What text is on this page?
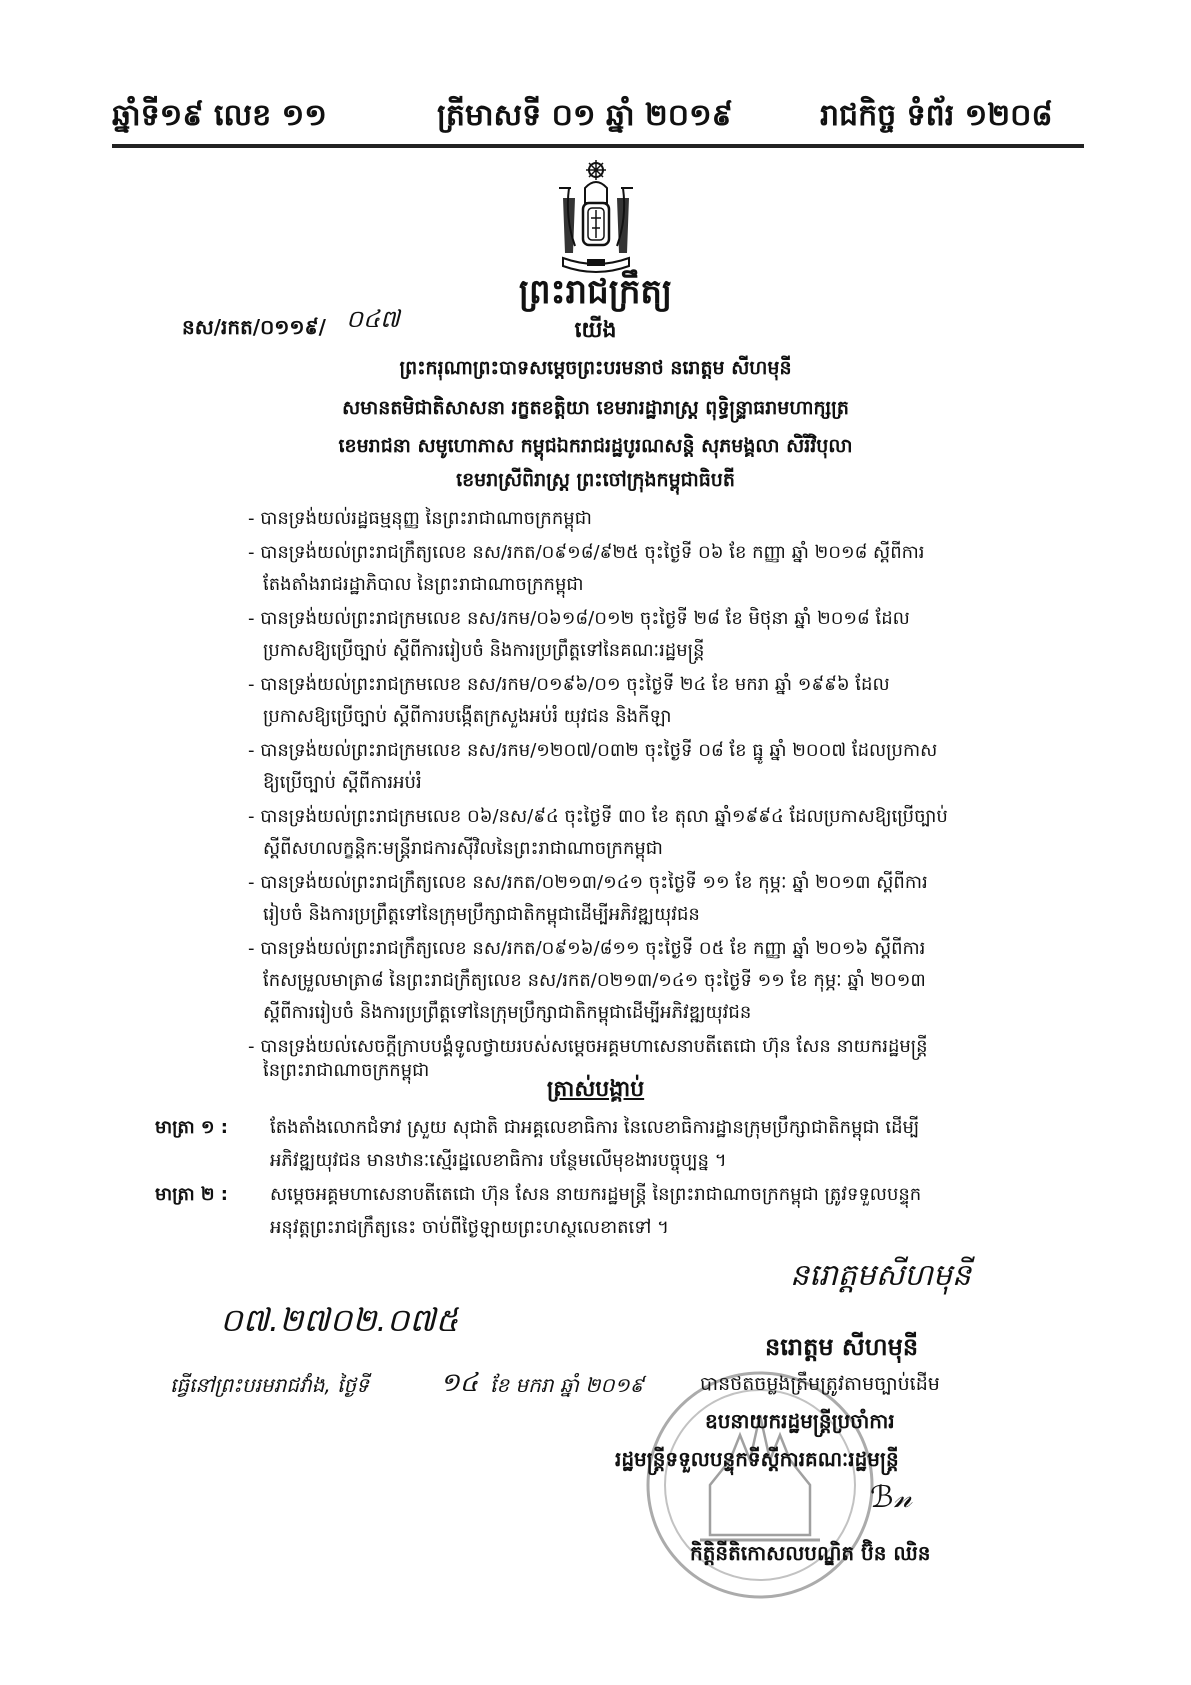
ឆ្នាំទី១៩ លេខ ១១	ត្រីមាសទី ០១ ឆ្នាំ ២០១៩	រាជកិច្ច ទំព័រ ១២០៨
ព្រះរាជក្រឹត្យ
នស/រកត/០១១៩/ ០៤៧	យើង
ព្រះករុណាព្រះបាទសម្តេចព្រះបរមនាថ នរោត្តម សីហមុនី
សមានតមិជាតិសាសនា រក្ខតខត្តិយា ខេមរារដ្ឋារាស្ត្រ ពុទ្ធិន្ទ្រាធរាមហាក្សត្រ
ខេមរាជនា សមូហោភាស កម្ពុជឯករាជរដ្ឋបូរណសន្តិ សុភមង្គលា សិរីវិបុលា
ខេមរាស្រីពិរាស្ត្រ ព្រះចៅក្រុងកម្ពុជាធិបតី
- បានទ្រង់យល់រដ្ឋធម្មនុញ្ញ នៃព្រះរាជាណាចក្រកម្ពុជា
- បានទ្រង់យល់ព្រះរាជក្រឹត្យលេខ នស/រកត/០៩១៨/៩២៥ ចុះថ្ងៃទី ០៦ ខែ កញ្ញា ឆ្នាំ ២០១៨ ស្តីពីការ
តែងតាំងរាជរដ្ឋាភិបាល នៃព្រះរាជាណាចក្រកម្ពុជា
- បានទ្រង់យល់ព្រះរាជក្រមលេខ នស/រកម/០៦១៨/០១២ ចុះថ្ងៃទី ២៨ ខែ មិថុនា ឆ្នាំ ២០១៨ ដែល
ប្រកាសឱ្យប្រើច្បាប់ ស្តីពីការរៀបចំ និងការប្រព្រឹត្តទៅនៃគណៈរដ្ឋមន្ត្រី
- បានទ្រង់យល់ព្រះរាជក្រមលេខ នស/រកម/០១៩៦/០១ ចុះថ្ងៃទី ២៤ ខែ មករា ឆ្នាំ ១៩៩៦ ដែល
ប្រកាសឱ្យប្រើច្បាប់ ស្តីពីការបង្កើតក្រសួងអប់រំ យុវជន និងកីឡា
- បានទ្រង់យល់ព្រះរាជក្រមលេខ នស/រកម/១២០៧/០៣២ ចុះថ្ងៃទី ០៨ ខែ ធ្នូ ឆ្នាំ ២០០៧ ដែលប្រកាស
ឱ្យប្រើច្បាប់ ស្តីពីការអប់រំ
- បានទ្រង់យល់ព្រះរាជក្រមលេខ ០៦/នស/៩៤ ចុះថ្ងៃទី ៣០ ខែ តុលា ឆ្នាំ១៩៩៤ ដែលប្រកាសឱ្យប្រើច្បាប់
ស្តីពីសហលក្ខន្តិកៈមន្ត្រីរាជការស៊ីវិលនៃព្រះរាជាណាចក្រកម្ពុជា
- បានទ្រង់យល់ព្រះរាជក្រឹត្យលេខ នស/រកត/០២១៣/១៤១ ចុះថ្ងៃទី ១១ ខែ កុម្ភៈ ឆ្នាំ ២០១៣ ស្តីពីការ
រៀបចំ និងការប្រព្រឹត្តទៅនៃក្រុមប្រឹក្សាជាតិកម្ពុជាដើម្បីអភិវឌ្ឍយុវជន
- បានទ្រង់យល់ព្រះរាជក្រឹត្យលេខ នស/រកត/០៩១៦/៨១១ ចុះថ្ងៃទី ០៥ ខែ កញ្ញា ឆ្នាំ ២០១៦ ស្តីពីការ
កែសម្រួលមាត្រា៨ នៃព្រះរាជក្រឹត្យលេខ នស/រកត/០២១៣/១៤១ ចុះថ្ងៃទី ១១ ខែ កុម្ភៈ ឆ្នាំ ២០១៣
ស្តីពីការរៀបចំ និងការប្រព្រឹត្តទៅនៃក្រុមប្រឹក្សាជាតិកម្ពុជាដើម្បីអភិវឌ្ឍយុវជន
- បានទ្រង់យល់សេចក្តីក្រាបបង្គំទូលថ្វាយរបស់សម្តេចអគ្គមហាសេនាបតីតេជោ ហ៊ុន សែន នាយករដ្ឋមន្ត្រី
ត្រាស់បង្គាប់
មាត្រា ១ : តែងតាំងលោកជំទាវ ស្រួយ សុជាតិ ជាអគ្គលេខាធិការ នៃលេខាធិការដ្ឋានក្រុមប្រឹក្សាជាតិកម្ពុជា ដើម្បី
អភិវឌ្ឍយុវជន មានឋានៈស្មើរដ្ឋលេខាធិការ បន្ថែមលើមុខងារបច្ចុប្បន្ន ។
មាត្រា ២ : សម្តេចអគ្គមហាសេនាបតីតេជោ ហ៊ុន សែន នាយករដ្ឋមន្ត្រី នៃព្រះរាជាណាចក្រកម្ពុជា ត្រូវទទួលបន្ទុក
អនុវត្តព្រះរាជក្រឹត្យនេះ ចាប់ពីថ្ងៃឡាយព្រះហស្ថលេខាតទៅ ។
០៧.២៧០២.០៧៥
នរោត្តមសីហមុនី
នរោត្តម សីហមុនី
ធ្វើនៅព្រះបរមរាជវាំង, ថ្ងៃទី	១៤ ខែ មករា ឆ្នាំ ២០១៩	បានថតចម្លងត្រឹមត្រូវតាមច្បាប់ដើម
ឧបនាយករដ្ឋមន្ត្រីប្រចាំការ
រដ្ឋមន្ត្រីទទួលបន្ទុកទីស្តីការគណៈរដ្ឋមន្ត្រី
ℬ𝓃
កិត្តិនីតិកោសលបណ្ឌិត ប៊ិន ឈិន
នៃព្រះរាជាណាចក្រកម្ពុជា
